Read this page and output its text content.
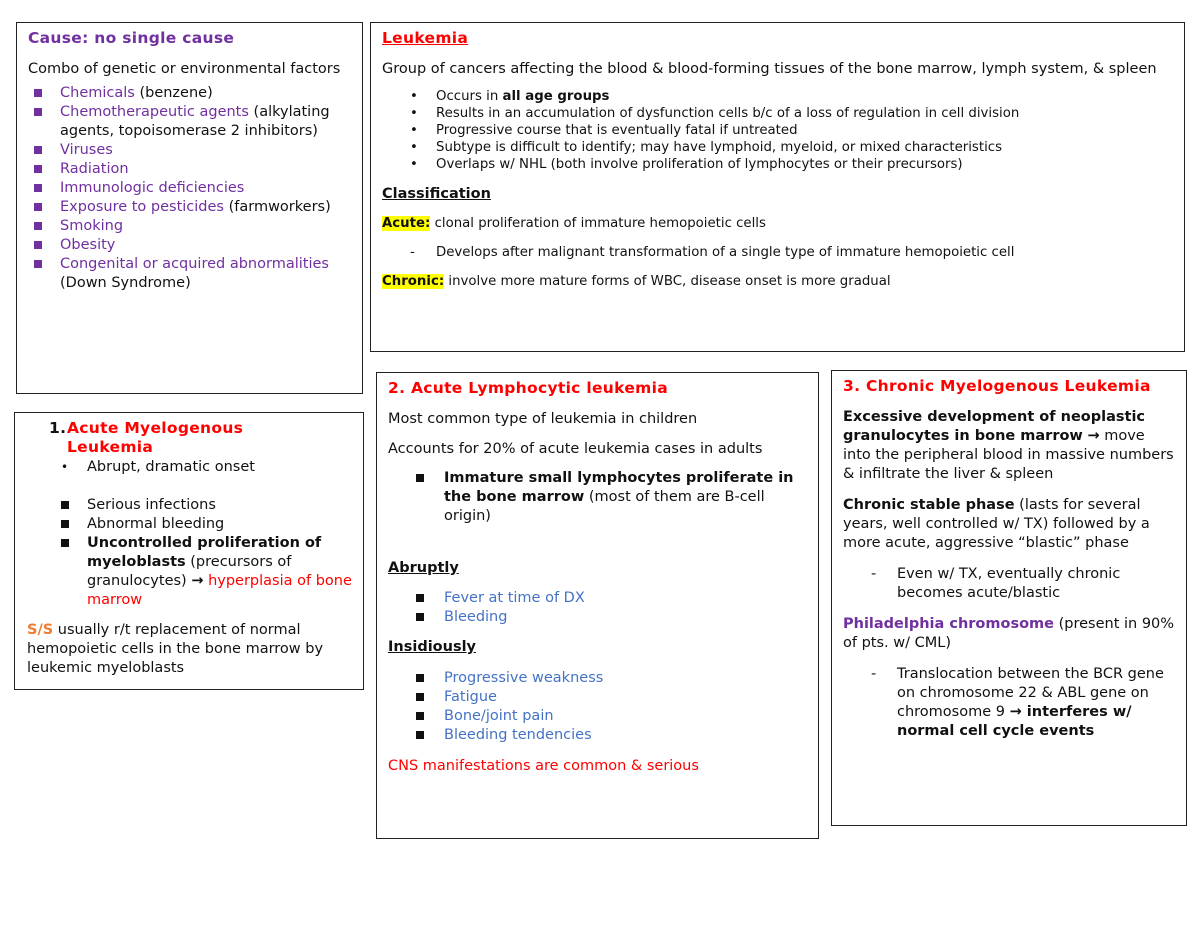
Cause: no single cause

Combo of genetic or environmental factors

Chemicals (benzene)
Chemotherapeutic agents (alkylating agents, topoisomerase 2 inhibitors)
Viruses
Radiation
Immunologic deficiencies
Exposure to pesticides (farmworkers)
Smoking
Obesity
Congenital or acquired abnormalities (Down Syndrome)

Leukemia

Group of cancers affecting the blood & blood-forming tissues of the bone marrow, lymph system, & spleen

• Occurs in all age groups
• Results in an accumulation of dysfunction cells b/c of a loss of regulation in cell division
• Progressive course that is eventually fatal if untreated
• Subtype is difficult to identify; may have lymphoid, myeloid, or mixed characteristics
• Overlaps w/ NHL (both involve proliferation of lymphocytes or their precursors)

Classification

Acute: clonal proliferation of immature hemopoietic cells

- Develops after malignant transformation of a single type of immature hemopoietic cell

Chronic: involve more mature forms of WBC, disease onset is more gradual

1. Acute Myelogenous Leukemia
• Abrupt, dramatic onset
Serious infections
Abnormal bleeding
Uncontrolled proliferation of myeloblasts (precursors of granulocytes) → hyperplasia of bone marrow

S/S usually r/t replacement of normal hemopoietic cells in the bone marrow by leukemic myeloblasts

2. Acute Lymphocytic leukemia

Most common type of leukemia in children

Accounts for 20% of acute leukemia cases in adults

Immature small lymphocytes proliferate in the bone marrow (most of them are B-cell origin)

Abruptly

Fever at time of DX
Bleeding

Insidiously

Progressive weakness
Fatigue
Bone/joint pain
Bleeding tendencies

CNS manifestations are common & serious

3. Chronic Myelogenous Leukemia

Excessive development of neoplastic granulocytes in bone marrow → move into the peripheral blood in massive numbers & infiltrate the liver & spleen

Chronic stable phase (lasts for several years, well controlled w/ TX) followed by a more acute, aggressive “blastic” phase

- Even w/ TX, eventually chronic becomes acute/blastic

Philadelphia chromosome (present in 90% of pts. w/ CML)

- Translocation between the BCR gene on chromosome 22 & ABL gene on chromosome 9 → interferes w/ normal cell cycle events
